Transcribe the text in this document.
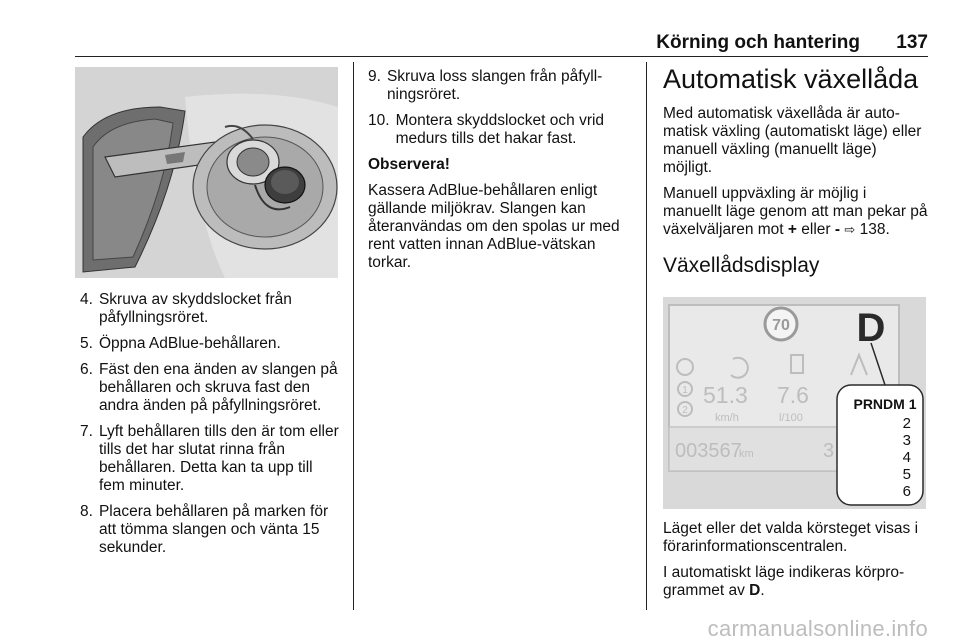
Körning och hantering	137
4. Skruva av skyddslocket från påfyllningsröret.
5. Öppna AdBlue-behållaren.
6. Fäst den ena änden av slangen på behållaren och skruva fast den andra änden på påfyllningsröret.
7. Lyft behållaren tills den är tom eller tills det har slutat rinna från behållaren. Detta kan ta upp till fem minuter.
8. Placera behållaren på marken för att tömma slangen och vänta 15 sekunder.
9. Skruva loss slangen från påfyll-ningsröret.
10. Montera skyddslocket och vrid medurs tills det hakar fast.

Observera!

Kassera AdBlue-behållaren enligt gällande miljökrav. Slangen kan återanvändas om den spolas ur med rent vatten innan AdBlue-vätskan torkar.

Automatisk växellåda

Med automatisk växellåda är auto-matisk växling (automatiskt läge) eller manuell växling (manuellt läge) möjligt.

Manuell uppväxling är möjlig i manuellt läge genom att man pekar på växelväljaren mot + eller - ⇨ 138.

Växellådsdisplay
70 D
1
2
51.3
km/h
7.6
l/100
003567
km	3
PRNDM 1
2
3
4
5
6

Läget eller det valda körsteget visas i förarinformationscentralen.

I automatiskt läge indikeras körpro-grammet av D.

carmanualsonline.info
